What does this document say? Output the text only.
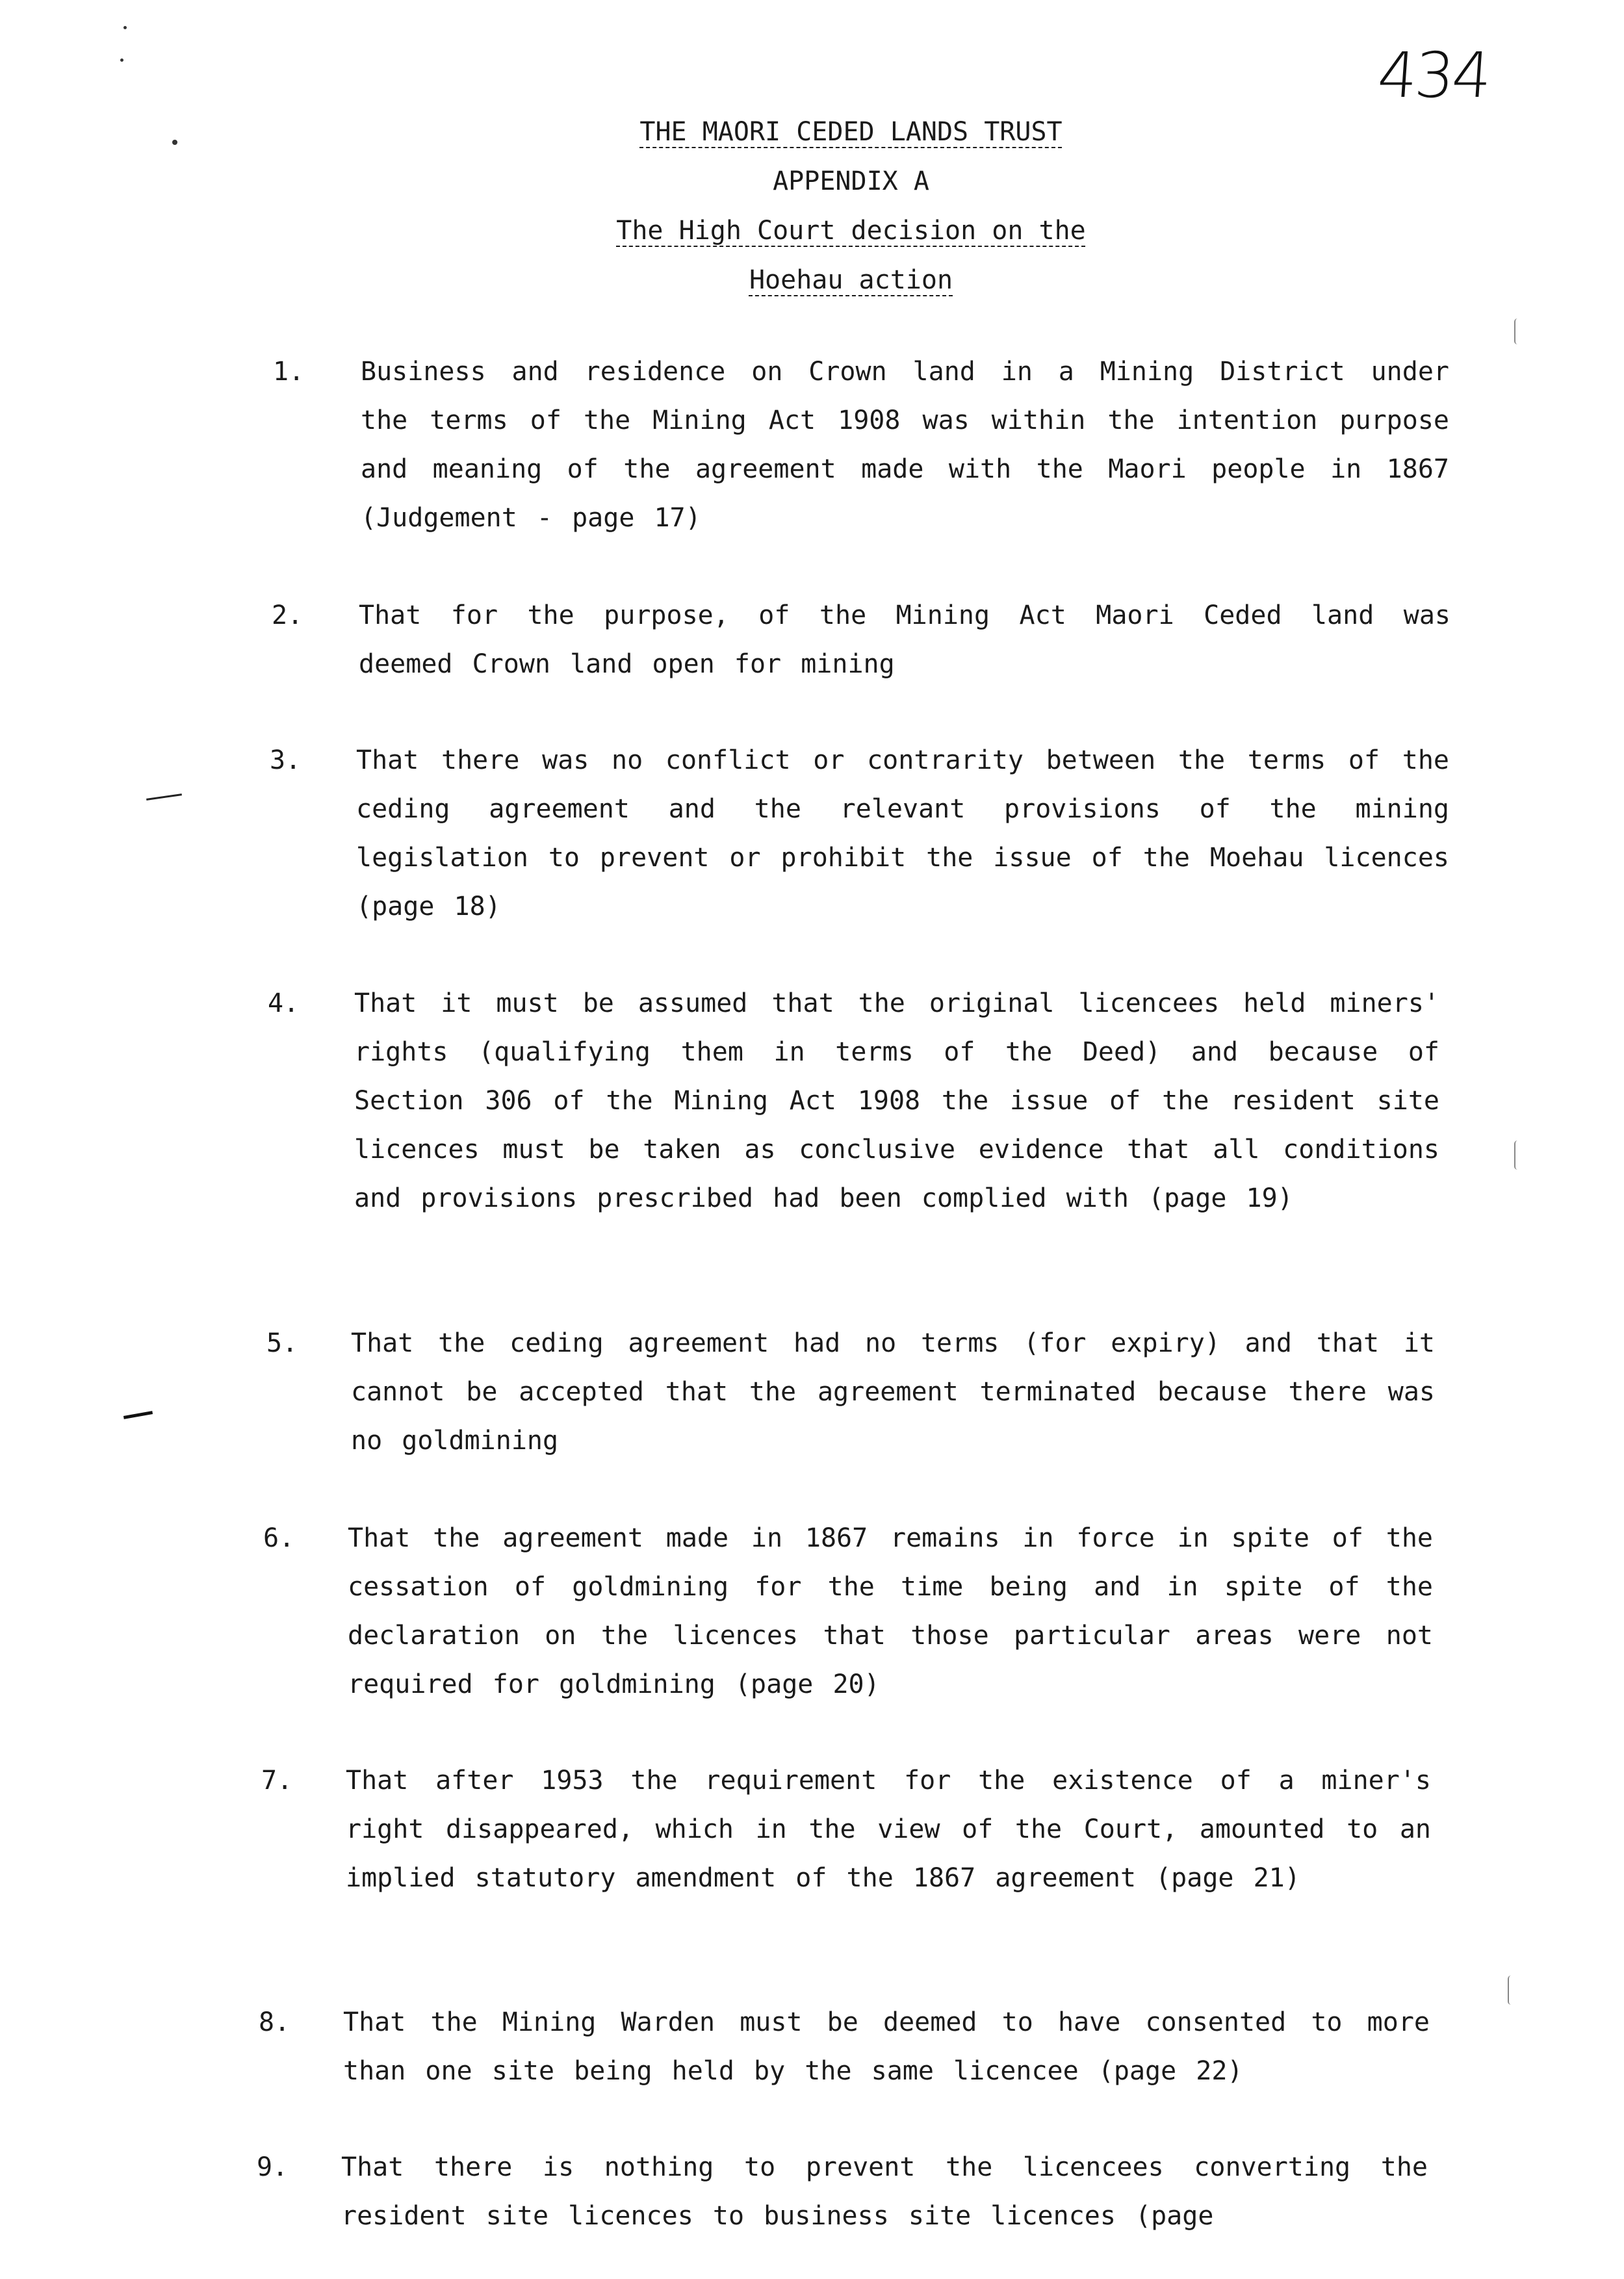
434
THE MAORI CEDED LANDS TRUST
APPENDIX A
The High Court decision on the
Hoehau action
1. Business and residence on Crown land in a Mining District under the terms of the Mining Act 1908 was within the intention purpose and meaning of the agreement made with the Maori people in 1867 (Judgement - page 17)
2. That for the purpose, of the Mining Act Maori Ceded land was deemed Crown land open for mining
3. That there was no conflict or contrarity between the terms of the ceding agreement and the relevant provisions of the mining legislation to prevent or prohibit the issue of the Moehau licences (page 18)
4. That it must be assumed that the original licencees held miners' rights (qualifying them in terms of the Deed) and because of Section 306 of the Mining Act 1908 the issue of the resident site licences must be taken as conclusive evidence that all conditions and provisions prescribed had been complied with (page 19)
5. That the ceding agreement had no terms (for expiry) and that it cannot be accepted that the agreement terminated because there was no goldmining
6. That the agreement made in 1867 remains in force in spite of the cessation of goldmining for the time being and in spite of the declaration on the licences that those particular areas were not required for goldmining (page 20)
7. That after 1953 the requirement for the existence of a miner's right disappeared, which in the view of the Court, amounted to an implied statutory amendment of the 1867 agreement (page 21)
8. That the Mining Warden must be deemed to have consented to more than one site being held by the same licencee (page 22)
9. That there is nothing to prevent the licencees converting the resident site licences to business site licences (page
